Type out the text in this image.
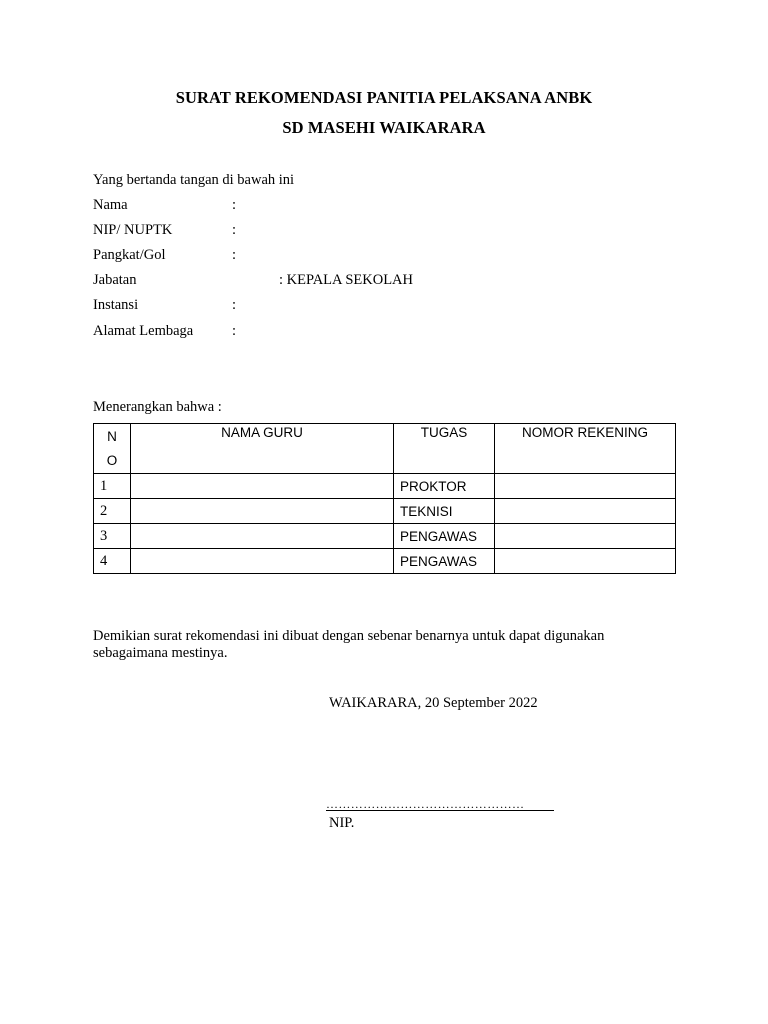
SURAT REKOMENDASI PANITIA PELAKSANA ANBK
SD MASEHI WAIKARARA
Yang bertanda tangan di bawah ini
Nama	:
NIP/ NUPTK	:
Pangkat/Gol	:
Jabatan	: KEPALA SEKOLAH
Instansi	:
Alamat Lembaga	:
Menerangkan bahwa :
N
O	NAMA GURU	TUGAS	NOMOR REKENING
1		PROKTOR	
2		TEKNISI	
3		PENGAWAS	
4		PENGAWAS	
Demikian surat rekomendasi ini dibuat dengan sebenar benarnya untuk dapat digunakan sebagaimana mestinya.
WAIKARARA, 20 September 2022
…………………………………………
NIP.
